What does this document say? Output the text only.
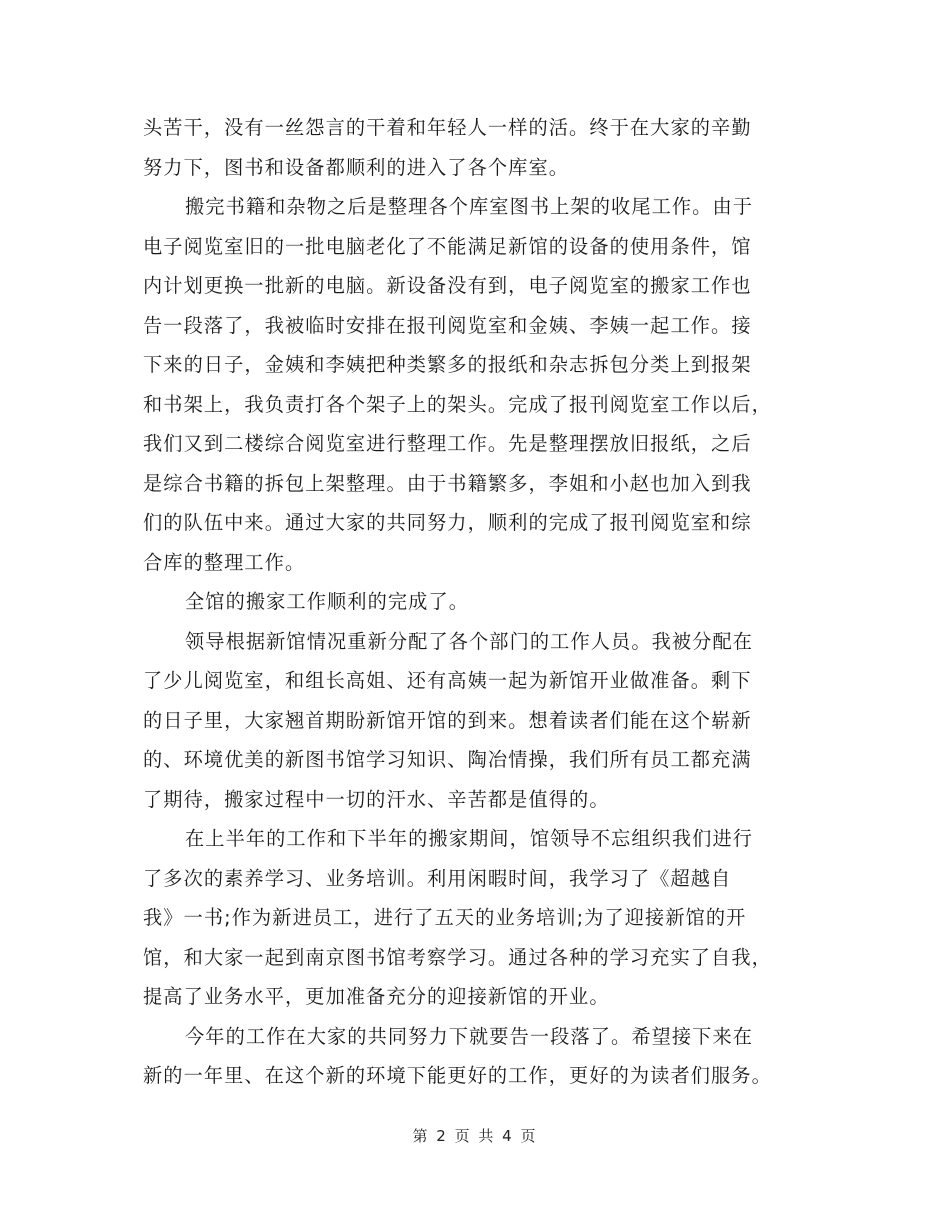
头苦干，没有一丝怨言的干着和年轻人一样的活。终于在大家的辛勤
努力下，图书和设备都顺利的进入了各个库室。
搬完书籍和杂物之后是整理各个库室图书上架的收尾工作。由于
电子阅览室旧的一批电脑老化了不能满足新馆的设备的使用条件，馆
内计划更换一批新的电脑。新设备没有到，电子阅览室的搬家工作也
告一段落了，我被临时安排在报刊阅览室和金姨、李姨一起工作。接
下来的日子，金姨和李姨把种类繁多的报纸和杂志拆包分类上到报架
和书架上，我负责打各个架子上的架头。完成了报刊阅览室工作以后，
我们又到二楼综合阅览室进行整理工作。先是整理摆放旧报纸，之后
是综合书籍的拆包上架整理。由于书籍繁多，李姐和小赵也加入到我
们的队伍中来。通过大家的共同努力，顺利的完成了报刊阅览室和综
合库的整理工作。
全馆的搬家工作顺利的完成了。
领导根据新馆情况重新分配了各个部门的工作人员。我被分配在
了少儿阅览室，和组长高姐、还有高姨一起为新馆开业做准备。剩下
的日子里，大家翘首期盼新馆开馆的到来。想着读者们能在这个崭新
的、环境优美的新图书馆学习知识、陶冶情操，我们所有员工都充满
了期待，搬家过程中一切的汗水、辛苦都是值得的。
在上半年的工作和下半年的搬家期间，馆领导不忘组织我们进行
了多次的素养学习、业务培训。利用闲暇时间，我学习了《超越自
我》一书;作为新进员工，进行了五天的业务培训;为了迎接新馆的开
馆，和大家一起到南京图书馆考察学习。通过各种的学习充实了自我，
提高了业务水平，更加准备充分的迎接新馆的开业。
今年的工作在大家的共同努力下就要告一段落了。希望接下来在
新的一年里、在这个新的环境下能更好的工作，更好的为读者们服务。
第 2 页 共 4 页
